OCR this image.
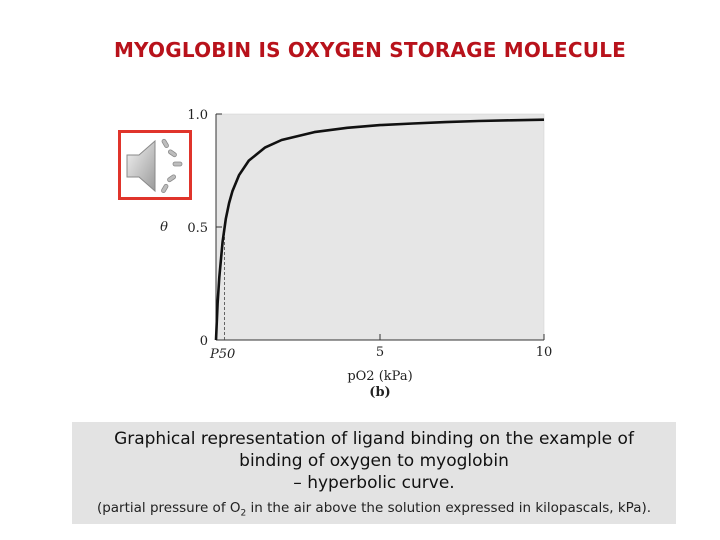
MYOGLOBIN IS OXYGEN STORAGE MOLECULE
0
0.5
1.0
5	10
θ
P50
pO2 (kPa)
(b)
Graphical representation of ligand binding on the example of
binding of oxygen to myoglobin
– hyperbolic curve.
(partial pressure of $O_2$ in the air above the solution expressed in kilopascals, kPa).
